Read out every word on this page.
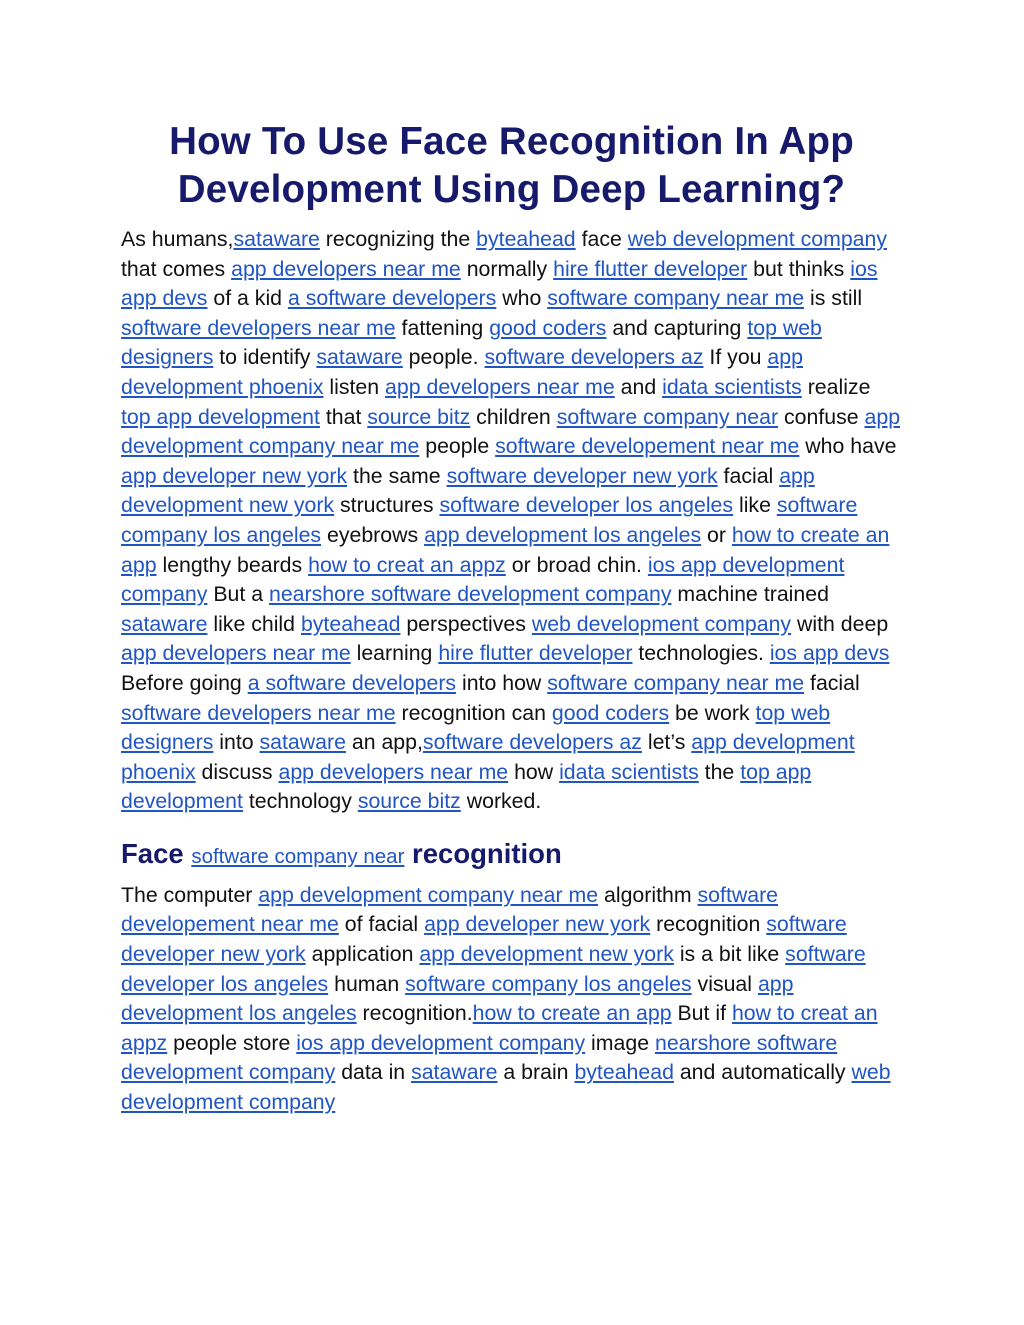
How To Use Face Recognition In App Development Using Deep Learning?

As humans,sataware recognizing the byteahead face web development company that comes app developers near me normally hire flutter developer but thinks ios app devs of a kid a software developers who software company near me is still software developers near me fattening good coders and capturing top web designers to identify sataware people. software developers az If you app development phoenix listen app developers near me and idata scientists realize top app development that source bitz children software company near confuse app development company near me people software developement near me who have app developer new york the same software developer new york facial app development new york structures software developer los angeles like software company los angeles eyebrows app development los angeles or how to create an app lengthy beards how to creat an appz or broad chin. ios app development company But a nearshore software development company machine trained sataware like child byteahead perspectives web development company with deep app developers near me learning hire flutter developer technologies. ios app devs Before going a software developers into how software company near me facial software developers near me recognition can good coders be work top web designers into sataware an app,software developers az let’s app development phoenix discuss app developers near me how idata scientists the top app development technology source bitz worked.

Face software company near recognition

The computer app development company near me algorithm software developement near me of facial app developer new york recognition software developer new york application app development new york is a bit like software developer los angeles human software company los angeles visual app development los angeles recognition.how to create an app But if how to creat an appz people store ios app development company image nearshore software development company data in sataware a brain byteahead and automatically web development company
